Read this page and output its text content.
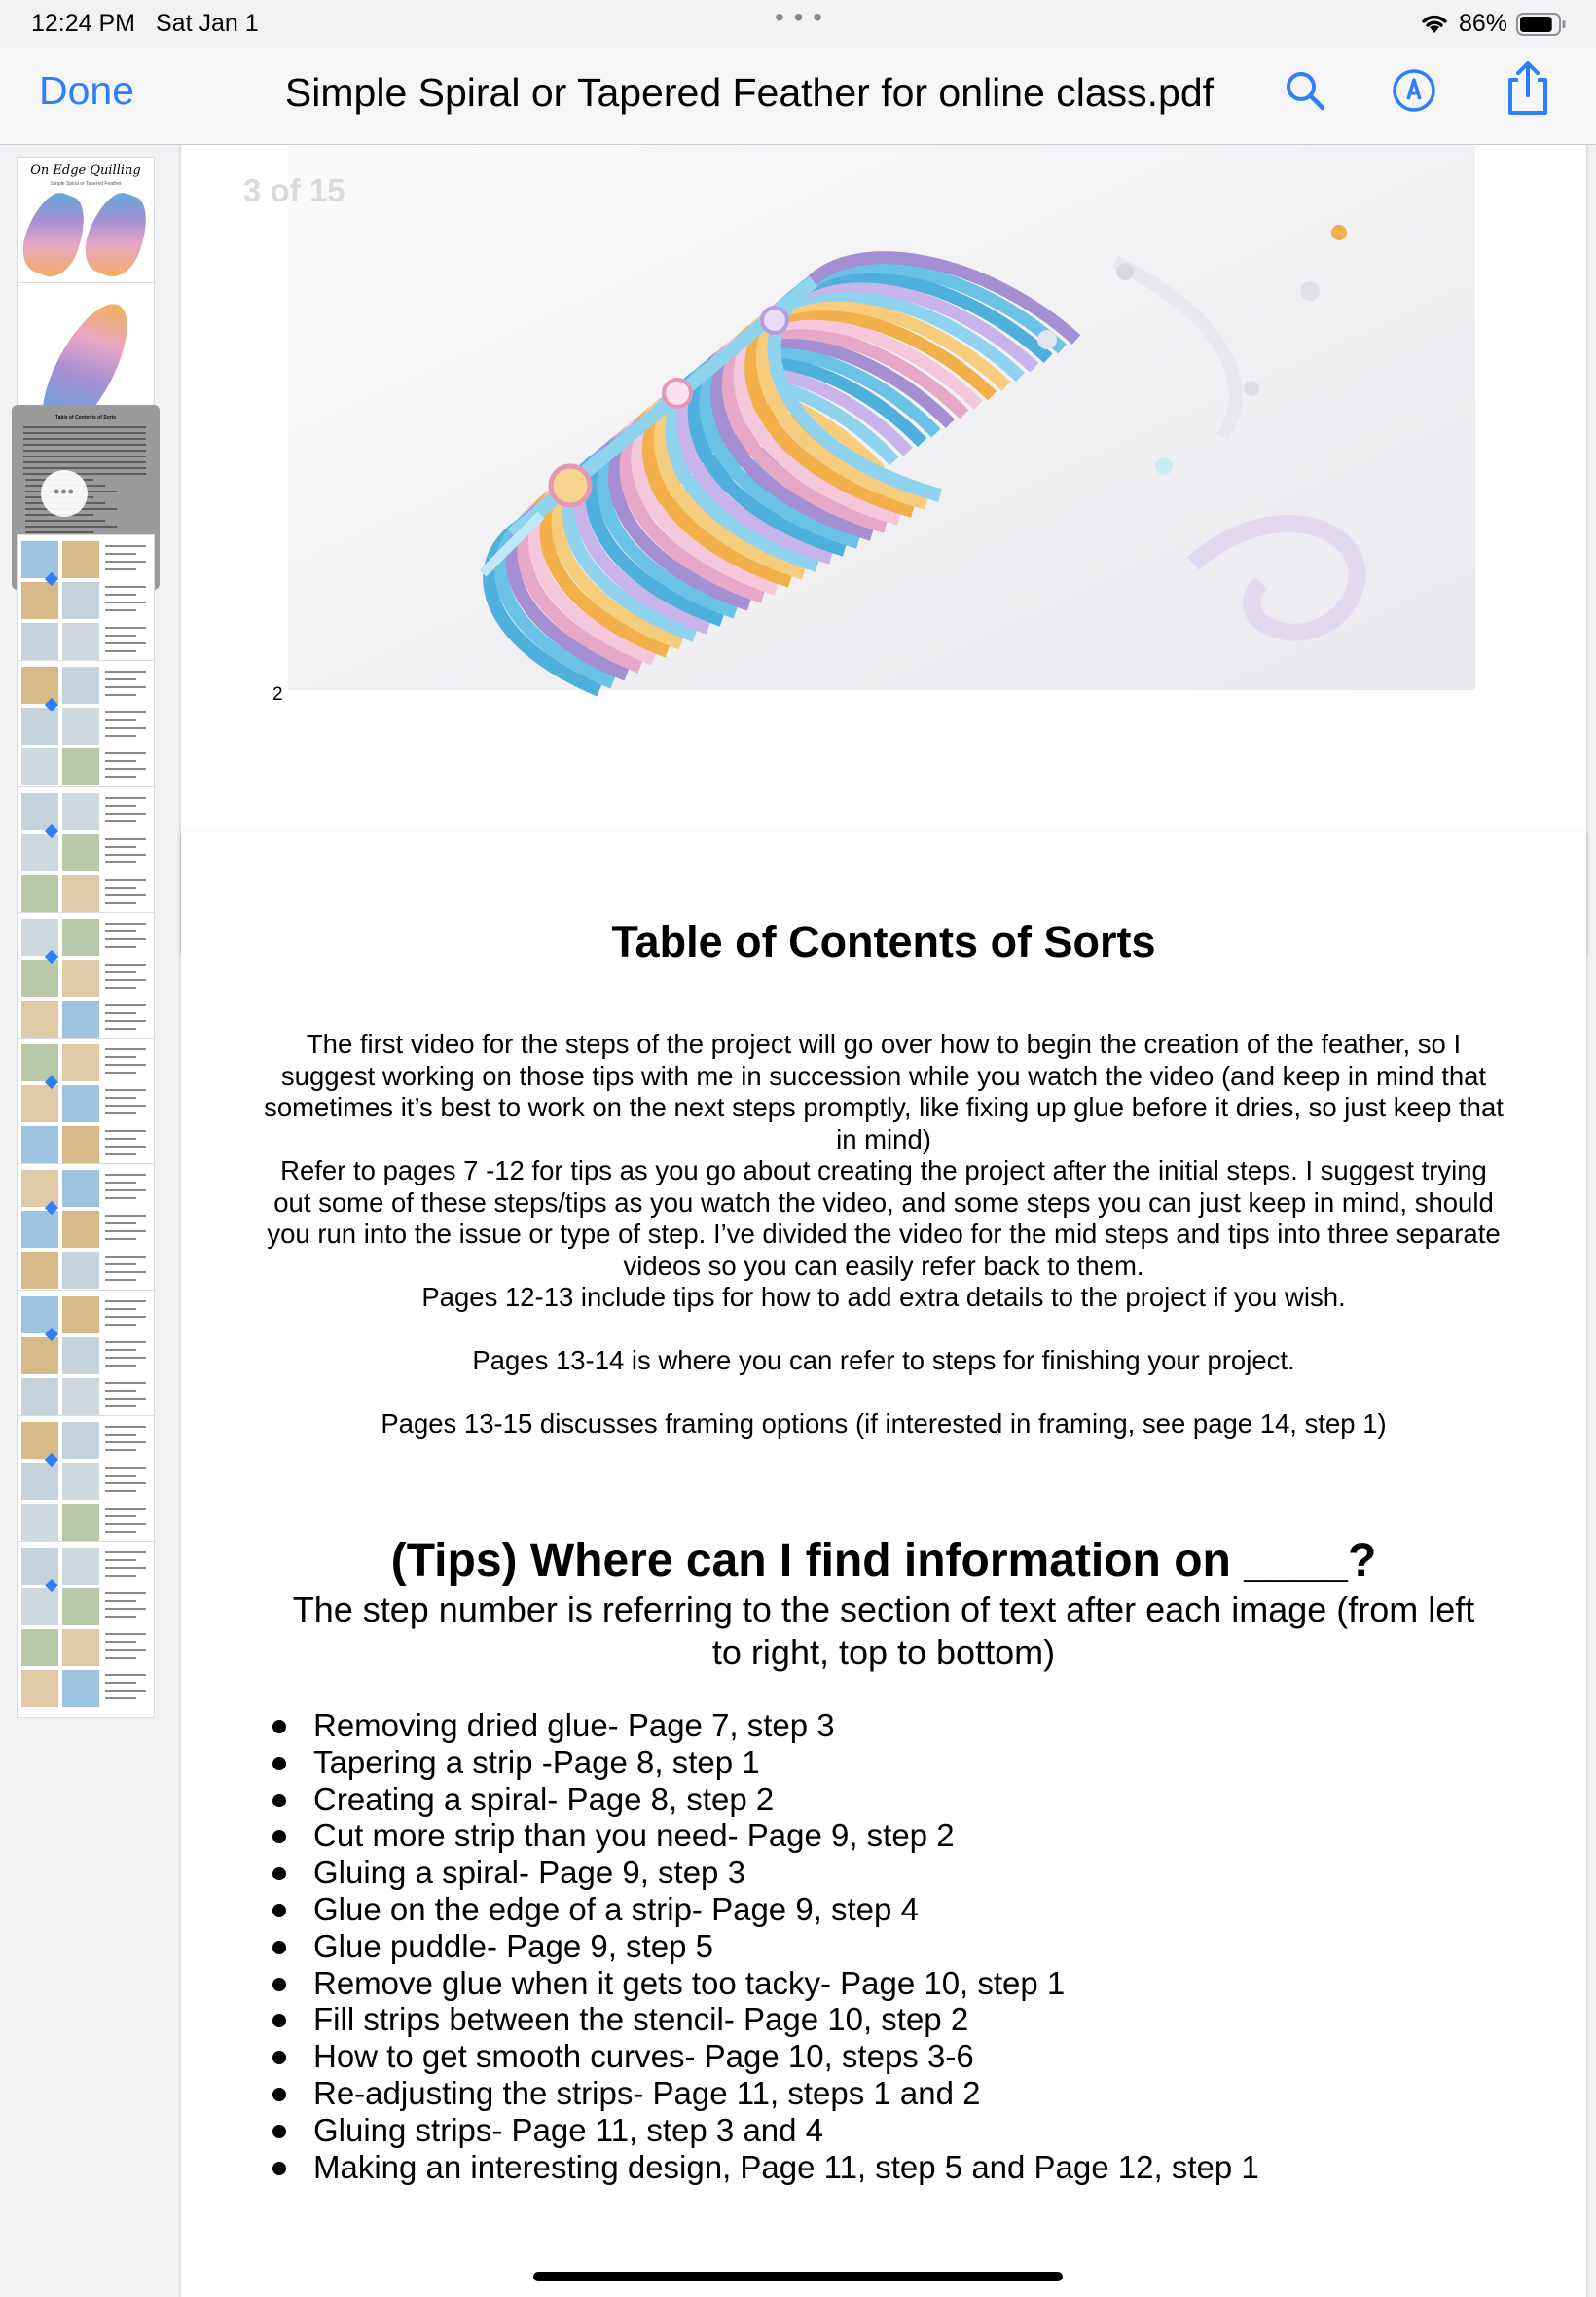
12:24 PM Sat Jan 1	• • •	86%
Done	Simple Spiral or Tapered Feather for online class.pdf
On Edge Quilling
Simple Spiral or Tapered Feather
Table of Contents of Sorts
•••
3 of 15
2
Table of Contents of Sorts

The first video for the steps of the project will go over how to begin the creation of the feather, so I suggest working on those tips with me in succession while you watch the video (and keep in mind that sometimes it’s best to work on the next steps promptly, like fixing up glue before it dries, so just keep that in mind)

Refer to pages 7 -12 for tips as you go about creating the project after the initial steps. I suggest trying out some of these steps/tips as you watch the video, and some steps you can just keep in mind, should you run into the issue or type of step. I’ve divided the video for the mid steps and tips into three separate videos so you can easily refer back to them.

Pages 12-13 include tips for how to add extra details to the project if you wish.

Pages 13-14 is where you can refer to steps for finishing your project.

Pages 13-15 discusses framing options (if interested in framing, see page 14, step 1)

(Tips) Where can I find information on ____?
The step number is referring to the section of text after each image (from left to right, top to bottom)
Removing dried glue- Page 7, step 3
Tapering a strip -Page 8, step 1
Creating a spiral- Page 8, step 2
Cut more strip than you need- Page 9, step 2
Gluing a spiral- Page 9, step 3
Glue on the edge of a strip- Page 9, step 4
Glue puddle- Page 9, step 5
Remove glue when it gets too tacky- Page 10, step 1
Fill strips between the stencil- Page 10, step 2
How to get smooth curves- Page 10, steps 3-6
Re-adjusting the strips- Page 11, steps 1 and 2
Gluing strips- Page 11, step 3 and 4
Making an interesting design, Page 11, step 5 and Page 12, step 1
